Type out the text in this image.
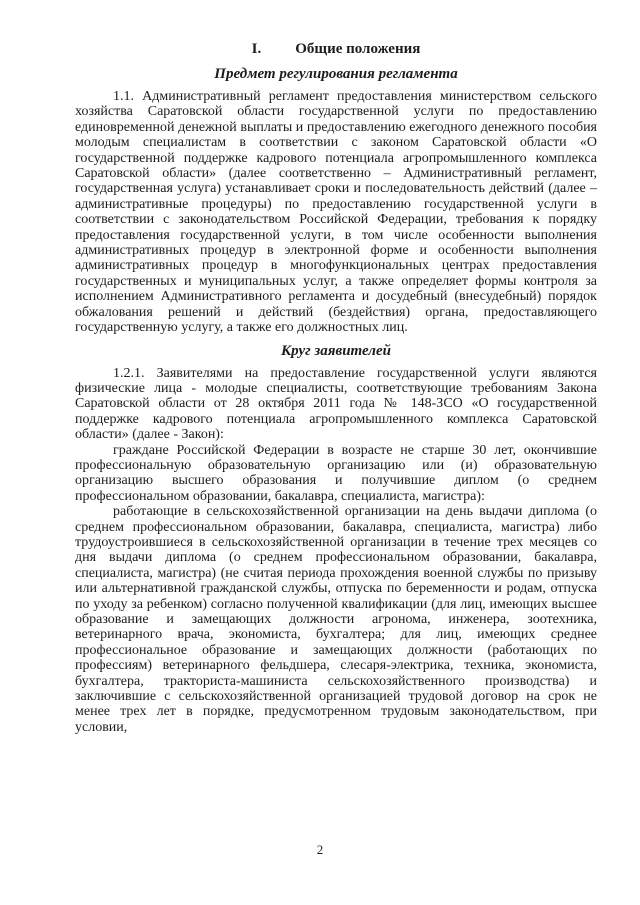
I. Общие положения
Предмет регулирования регламента

1.1. Административный регламент предоставления министерством сельского хозяйства Саратовской области государственной услуги по предоставлению единовременной денежной выплаты и предоставлению ежегодного денежного пособия молодым специалистам в соответствии с законом Саратовской области «О государственной поддержке кадрового потенциала агропромышленного комплекса Саратовской области» (далее соответственно – Административный регламент, государственная услуга) устанавливает сроки и последовательность действий (далее – административные процедуры) по предоставлению государственной услуги в соответствии с законодательством Российской Федерации, требования к порядку предоставления государственной услуги, в том числе особенности выполнения административных процедур в электронной форме и особенности выполнения административных процедур в многофункциональных центрах предоставления государственных и муниципальных услуг, а также определяет формы контроля за исполнением Административного регламента и досудебный (внесудебный) порядок обжалования решений и действий (бездействия) органа, предоставляющего государственную услугу, а также его должностных лиц.

Круг заявителей

1.2.1. Заявителями на предоставление государственной услуги являются физические лица - молодые специалисты, соответствующие требованиям Закона Саратовской области от 28 октября 2011 года № 148-ЗСО «О государственной поддержке кадрового потенциала агропромышленного комплекса Саратовской области» (далее - Закон):

граждане Российской Федерации в возрасте не старше 30 лет, окончившие профессиональную образовательную организацию или (и) образовательную организацию высшего образования и получившие диплом (о среднем профессиональном образовании, бакалавра, специалиста, магистра):

работающие в сельскохозяйственной организации на день выдачи диплома (о среднем профессиональном образовании, бакалавра, специалиста, магистра) либо трудоустроившиеся в сельскохозяйственной организации в течение трех месяцев со дня выдачи диплома (о среднем профессиональном образовании, бакалавра, специалиста, магистра) (не считая периода прохождения военной службы по призыву или альтернативной гражданской службы, отпуска по беременности и родам, отпуска по уходу за ребенком) согласно полученной квалификации (для лиц, имеющих высшее образование и замещающих должности агронома, инженера, зоотехника, ветеринарного врача, экономиста, бухгалтера; для лиц, имеющих среднее профессиональное образование и замещающих должности (работающих по профессиям) ветеринарного фельдшера, слесаря-электрика, техника, экономиста, бухгалтера, тракториста-машиниста сельскохозяйственного производства) и заключившие с сельскохозяйственной организацией трудовой договор на срок не менее трех лет в порядке, предусмотренном трудовым законодательством, при условии,

2
